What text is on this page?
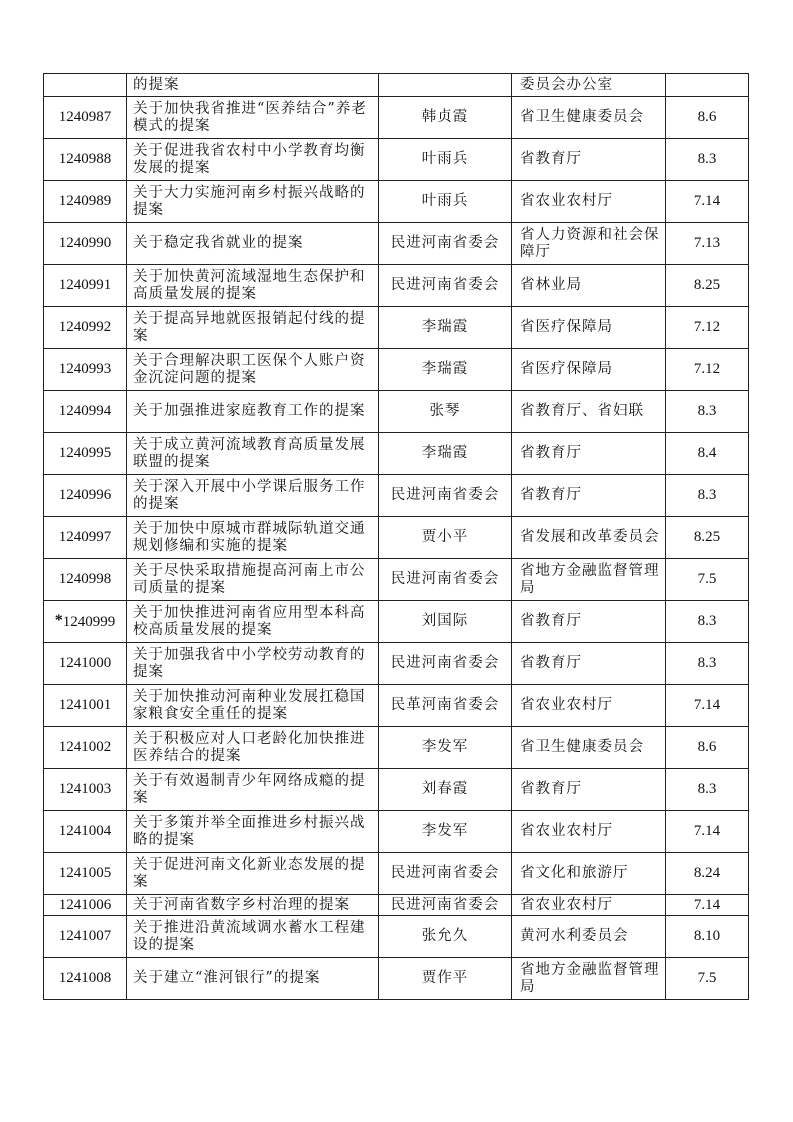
	的提案		委员会办公室	
1240987	关于加快我省推进“医养结合”养老模式的提案	韩贞霞	省卫生健康委员会	8.6
1240988	关于促进我省农村中小学教育均衡发展的提案	叶雨兵	省教育厅	8.3
1240989	关于大力实施河南乡村振兴战略的提案	叶雨兵	省农业农村厅	7.14
1240990	关于稳定我省就业的提案	民进河南省委会	省人力资源和社会保障厅	7.13
1240991	关于加快黄河流域湿地生态保护和高质量发展的提案	民进河南省委会	省林业局	8.25
1240992	关于提高异地就医报销起付线的提案	李瑞霞	省医疗保障局	7.12
1240993	关于合理解决职工医保个人账户资金沉淀问题的提案	李瑞霞	省医疗保障局	7.12
1240994	关于加强推进家庭教育工作的提案	张琴	省教育厅、省妇联	8.3
1240995	关于成立黄河流域教育高质量发展联盟的提案	李瑞霞	省教育厅	8.4
1240996	关于深入开展中小学课后服务工作的提案	民进河南省委会	省教育厅	8.3
1240997	关于加快中原城市群城际轨道交通规划修编和实施的提案	贾小平	省发展和改革委员会	8.25
1240998	关于尽快采取措施提高河南上市公司质量的提案	民进河南省委会	省地方金融监督管理局	7.5
*1240999	关于加快推进河南省应用型本科高校高质量发展的提案	刘国际	省教育厅	8.3
1241000	关于加强我省中小学校劳动教育的提案	民进河南省委会	省教育厅	8.3
1241001	关于加快推动河南种业发展扛稳国家粮食安全重任的提案	民革河南省委会	省农业农村厅	7.14
1241002	关于积极应对人口老龄化加快推进医养结合的提案	李发军	省卫生健康委员会	8.6
1241003	关于有效遏制青少年网络成瘾的提案	刘春霞	省教育厅	8.3
1241004	关于多策并举全面推进乡村振兴战略的提案	李发军	省农业农村厅	7.14
1241005	关于促进河南文化新业态发展的提案	民进河南省委会	省文化和旅游厅	8.24
1241006	关于河南省数字乡村治理的提案	民进河南省委会	省农业农村厅	7.14
1241007	关于推进沿黄流域调水蓄水工程建设的提案	张允久	黄河水利委员会	8.10
1241008	关于建立“淮河银行”的提案	贾作平	省地方金融监督管理局	7.5
